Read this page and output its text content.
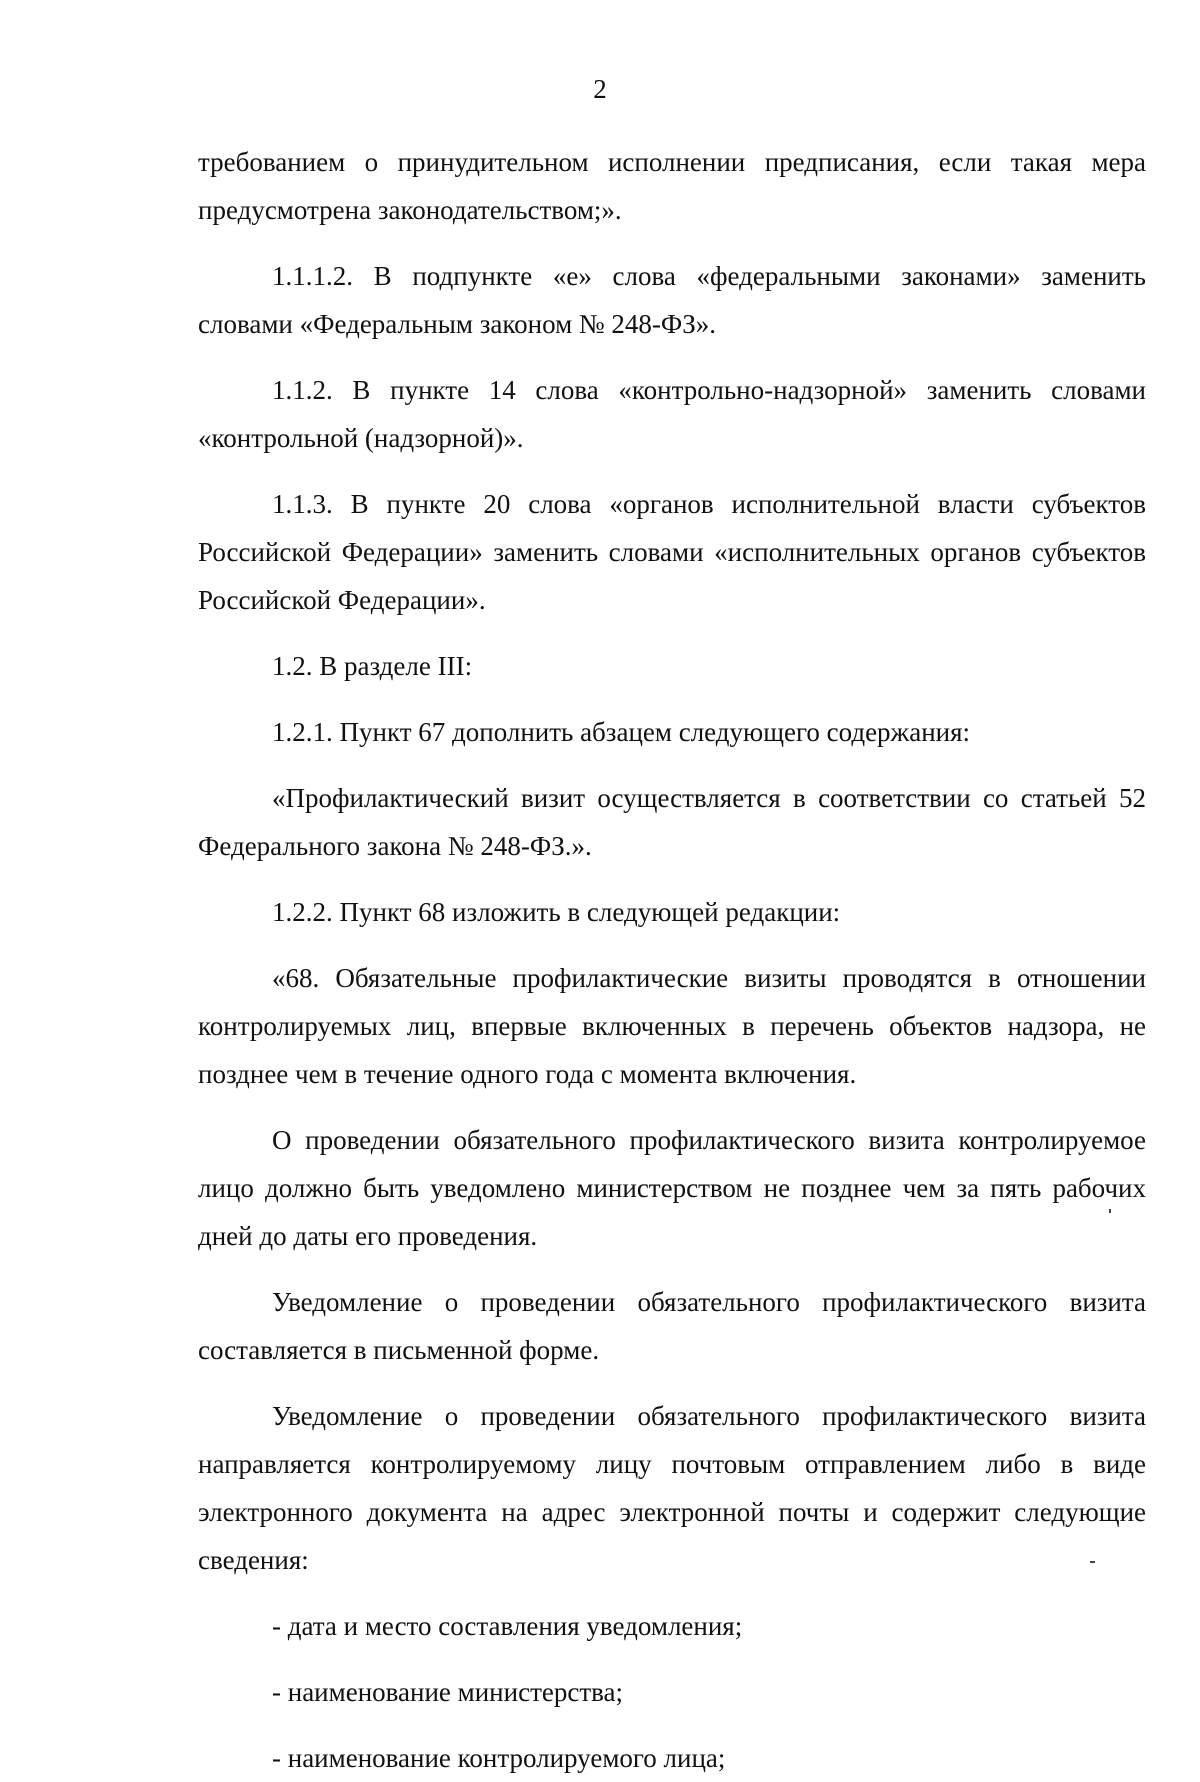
2

требованием о принудительном исполнении предписания, если такая мера предусмотрена законодательством;».

1.1.1.2. В подпункте «е» слова «федеральными законами» заменить словами «Федеральным законом № 248-ФЗ».

1.1.2. В пункте 14 слова «контрольно-надзорной» заменить словами «контрольной (надзорной)».

1.1.3. В пункте 20 слова «органов исполнительной власти субъектов Российской Федерации» заменить словами «исполнительных органов субъектов Российской Федерации».

1.2. В разделе III:

1.2.1. Пункт 67 дополнить абзацем следующего содержания:

«Профилактический визит осуществляется в соответствии со статьей 52 Федерального закона № 248-ФЗ.».

1.2.2. Пункт 68 изложить в следующей редакции:

«68. Обязательные профилактические визиты проводятся в отношении контролируемых лиц, впервые включенных в перечень объектов надзора, не позднее чем в течение одного года с момента включения.

О проведении обязательного профилактического визита контролируемое лицо должно быть уведомлено министерством не позднее чем за пять рабочих дней до даты его проведения.

Уведомление о проведении обязательного профилактического визита составляется в письменной форме.

Уведомление о проведении обязательного профилактического визита направляется контролируемому лицу почтовым отправлением либо в виде электронного документа на адрес электронной почты и содержит следующие сведения:

- дата и место составления уведомления;

- наименование министерства;

- наименование контролируемого лица;
